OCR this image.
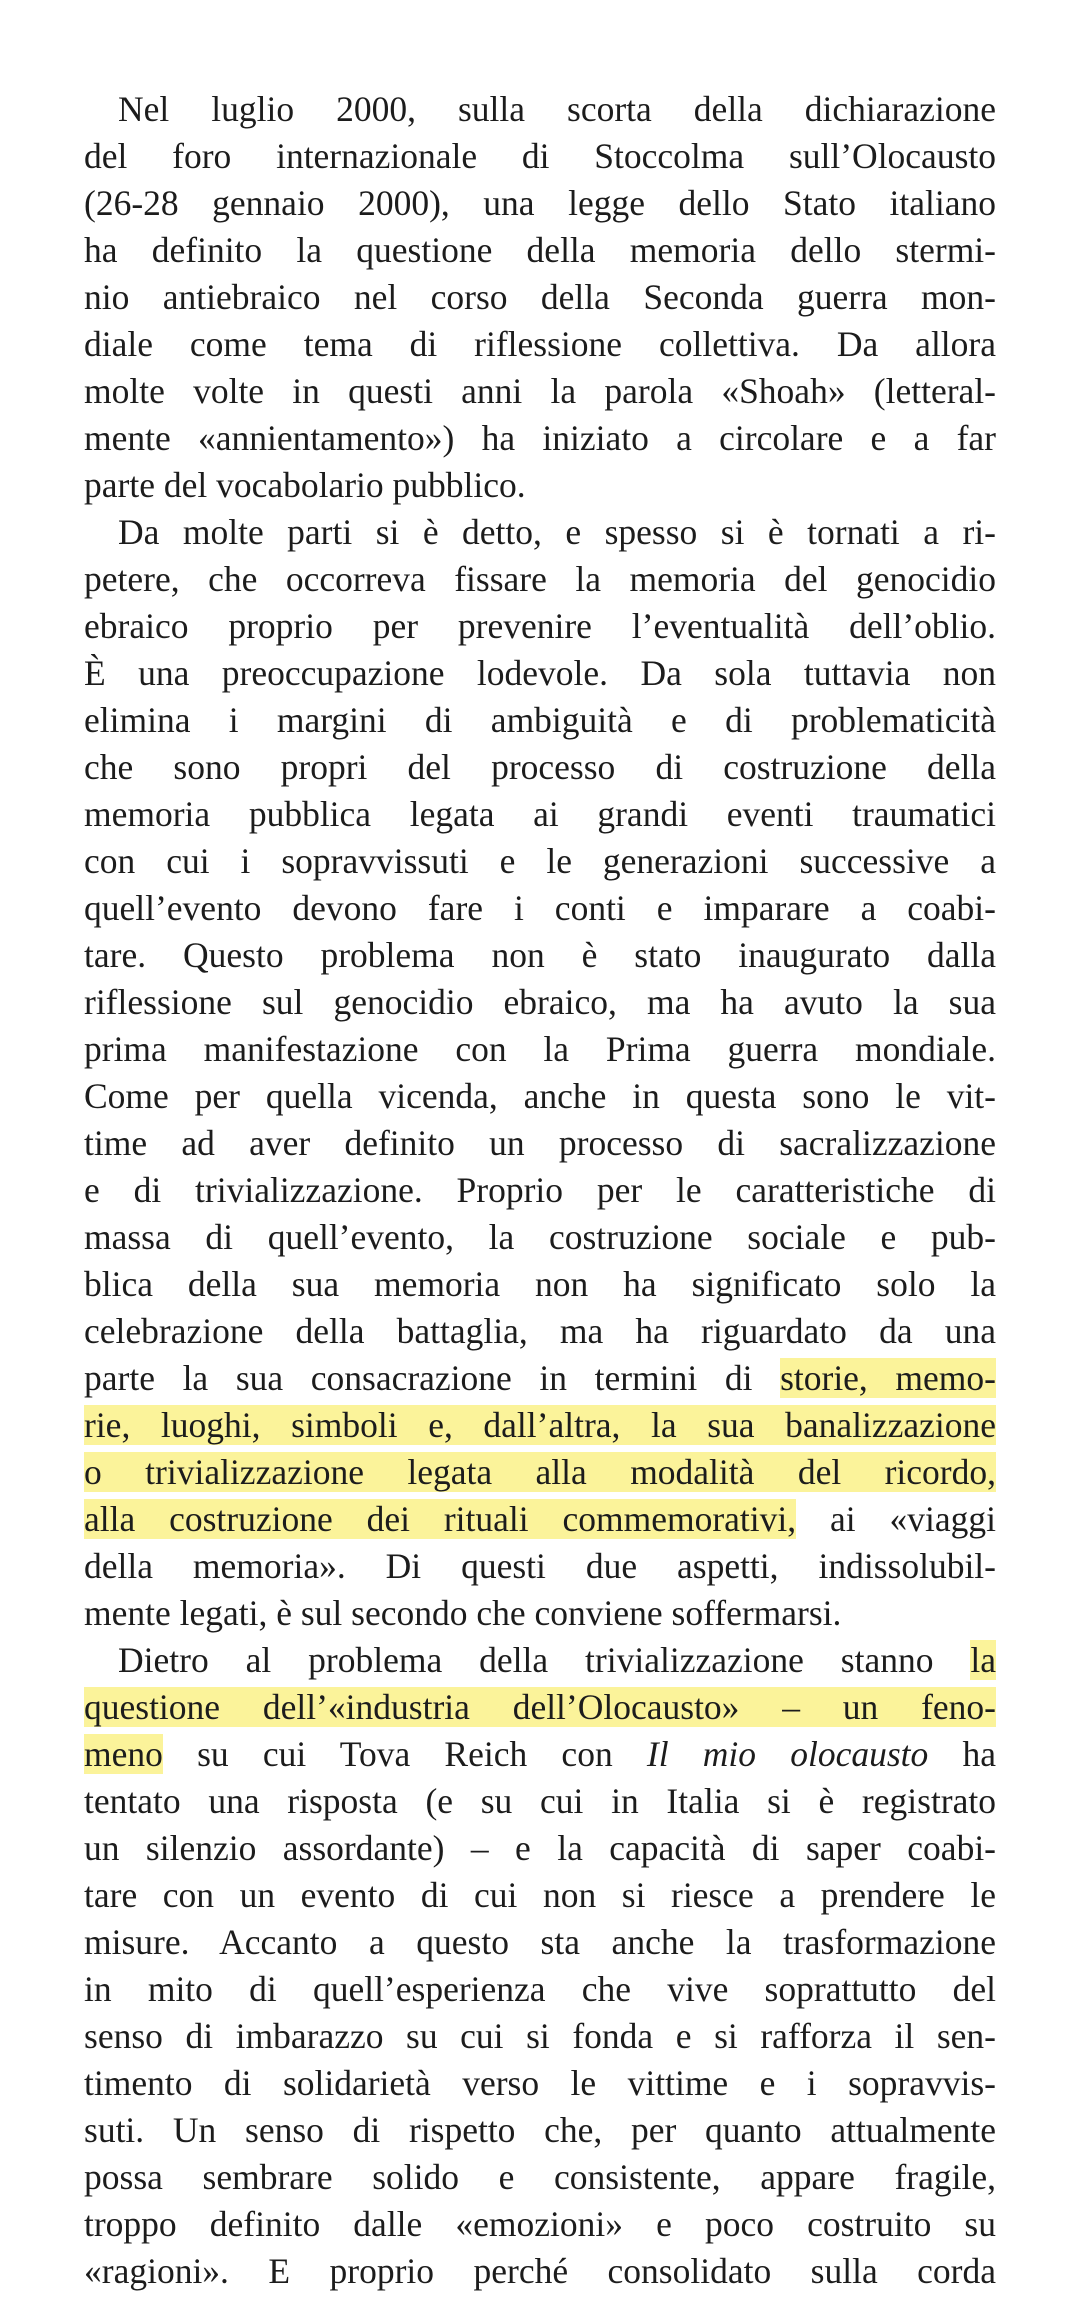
Nel luglio 2000, sulla scorta della dichiarazione
del foro internazionale di Stoccolma sull’Olocausto
(26-28 gennaio 2000), una legge dello Stato italiano
ha definito la questione della memoria dello stermi-
nio antiebraico nel corso della Seconda guerra mon-
diale come tema di riflessione collettiva. Da allora
molte volte in questi anni la parola «Shoah» (letteral-
mente «annientamento») ha iniziato a circolare e a far
parte del vocabolario pubblico.
Da molte parti si è detto, e spesso si è tornati a ri-
petere, che occorreva fissare la memoria del genocidio
ebraico proprio per prevenire l’eventualità dell’oblio.
È una preoccupazione lodevole. Da sola tuttavia non
elimina i margini di ambiguità e di problematicità
che sono propri del processo di costruzione della
memoria pubblica legata ai grandi eventi traumatici
con cui i sopravvissuti e le generazioni successive a
quell’evento devono fare i conti e imparare a coabi-
tare. Questo problema non è stato inaugurato dalla
riflessione sul genocidio ebraico, ma ha avuto la sua
prima manifestazione con la Prima guerra mondiale.
Come per quella vicenda, anche in questa sono le vit-
time ad aver definito un processo di sacralizzazione
e di trivializzazione. Proprio per le caratteristiche di
massa di quell’evento, la costruzione sociale e pub-
blica della sua memoria non ha significato solo la
celebrazione della battaglia, ma ha riguardato da una
parte la sua consacrazione in termini di storie, memo-
rie, luoghi, simboli e, dall’altra, la sua banalizzazione
o trivializzazione legata alla modalità del ricordo,
alla costruzione dei rituali commemorativi, ai «viaggi
della memoria». Di questi due aspetti, indissolubil-
mente legati, è sul secondo che conviene soffermarsi.
Dietro al problema della trivializzazione stanno la
questione dell’«industria dell’Olocausto» – un feno-
meno su cui Tova Reich con Il mio olocausto ha
tentato una risposta (e su cui in Italia si è registrato
un silenzio assordante) – e la capacità di saper coabi-
tare con un evento di cui non si riesce a prendere le
misure. Accanto a questo sta anche la trasformazione
in mito di quell’esperienza che vive soprattutto del
senso di imbarazzo su cui si fonda e si rafforza il sen-
timento di solidarietà verso le vittime e i sopravvis-
suti. Un senso di rispetto che, per quanto attualmente
possa sembrare solido e consistente, appare fragile,
troppo definito dalle «emozioni» e poco costruito su
«ragioni». E proprio perché consolidato sulla corda
